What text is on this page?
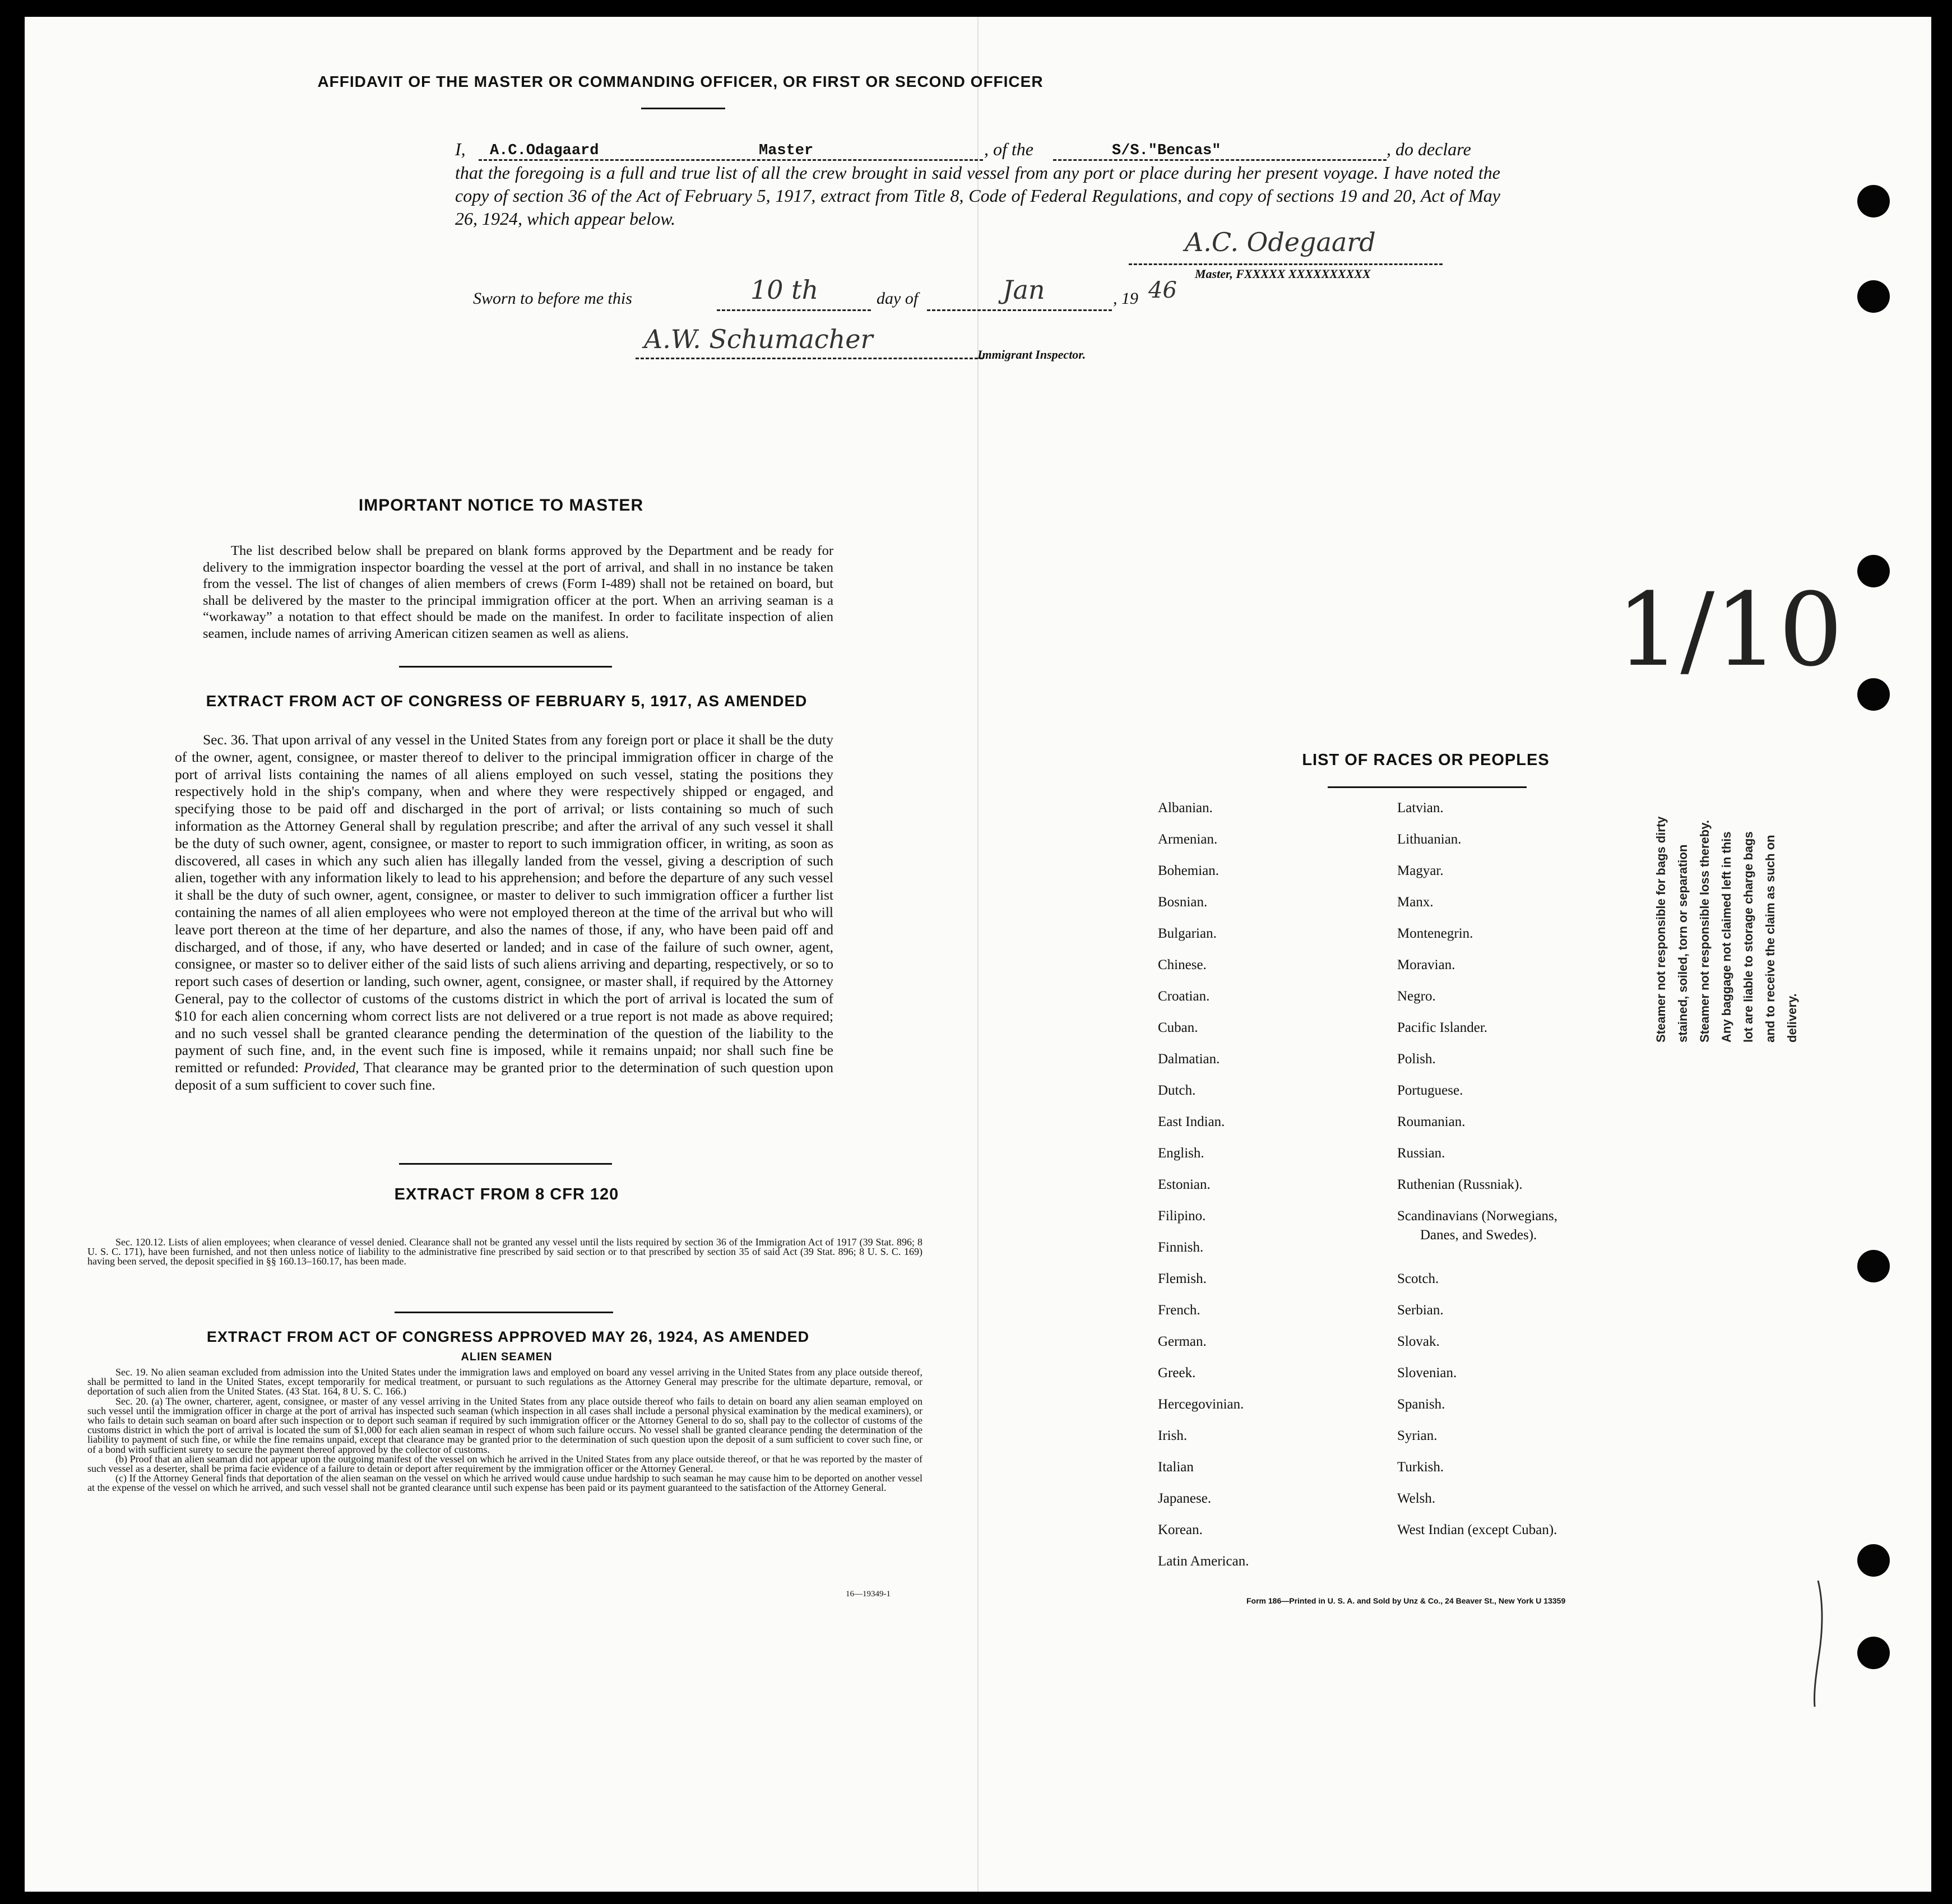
AFFIDAVIT OF THE MASTER OR COMMANDING OFFICER, OR FIRST OR SECOND OFFICER
I, A.C.Odagaard	Master	, of the	S/S."Bencas"	, do declare

that the foregoing is a full and true list of all the crew brought in said vessel from any port or place during her present voyage. I have noted the copy of section 36 of the Act of February 5, 1917, extract from Title 8, Code of Federal Regulations, and copy of sections 19 and 20, Act of May 26, 1924, which appear below.

A.C. Odegaard
Master, FXXXXX XXXXXXXXXX
Sworn to before me this	10 th	day of	Jan	, 19 46
A.W. Schumacher
Immigrant Inspector.
1/10
IMPORTANT NOTICE TO MASTER

The list described below shall be prepared on blank forms approved by the Department and be ready for delivery to the immigration inspector boarding the vessel at the port of arrival, and shall in no instance be taken from the vessel. The list of changes of alien members of crews (Form I-489) shall not be retained on board, but shall be delivered by the master to the principal immigration officer at the port. When an arriving seaman is a “workaway” a notation to that effect should be made on the manifest. In order to facilitate inspection of alien seamen, include names of arriving American citizen seamen as well as aliens.

EXTRACT FROM ACT OF CONGRESS OF FEBRUARY 5, 1917, AS AMENDED

Sec. 36. That upon arrival of any vessel in the United States from any foreign port or place it shall be the duty of the owner, agent, consignee, or master thereof to deliver to the principal immigration officer in charge of the port of arrival lists containing the names of all aliens employed on such vessel, stating the positions they respectively hold in the ship's company, when and where they were respectively shipped or engaged, and specifying those to be paid off and discharged in the port of arrival; or lists containing so much of such information as the Attorney General shall by regulation prescribe; and after the arrival of any such vessel it shall be the duty of such owner, agent, consignee, or master to report to such immigration officer, in writing, as soon as discovered, all cases in which any such alien has illegally landed from the vessel, giving a description of such alien, together with any information likely to lead to his apprehension; and before the departure of any such vessel it shall be the duty of such owner, agent, consignee, or master to deliver to such immigration officer a further list containing the names of all alien employees who were not employed thereon at the time of the arrival but who will leave port thereon at the time of her departure, and also the names of those, if any, who have been paid off and discharged, and of those, if any, who have deserted or landed; and in case of the failure of such owner, agent, consignee, or master so to deliver either of the said lists of such aliens arriving and departing, respectively, or so to report such cases of desertion or landing, such owner, agent, consignee, or master shall, if required by the Attorney General, pay to the collector of customs of the customs district in which the port of arrival is located the sum of $10 for each alien concerning whom correct lists are not delivered or a true report is not made as above required; and no such vessel shall be granted clearance pending the determination of the question of the liability to the payment of such fine, and, in the event such fine is imposed, while it remains unpaid; nor shall such fine be remitted or refunded: Provided, That clearance may be granted prior to the determination of such question upon deposit of a sum sufficient to cover such fine.

EXTRACT FROM 8 CFR 120

Sec. 120.12. Lists of alien employees; when clearance of vessel denied. Clearance shall not be granted any vessel until the lists required by section 36 of the Immigration Act of 1917 (39 Stat. 896; 8 U. S. C. 171), have been furnished, and not then unless notice of liability to the administrative fine prescribed by said section or to that prescribed by section 35 of said Act (39 Stat. 896; 8 U. S. C. 169) having been served, the deposit specified in §§ 160.13–160.17, has been made.

EXTRACT FROM ACT OF CONGRESS APPROVED MAY 26, 1924, AS AMENDED
ALIEN SEAMEN

Sec. 19. No alien seaman excluded from admission into the United States under the immigration laws and employed on board any vessel arriving in the United States from any place outside thereof, shall be permitted to land in the United States, except temporarily for medical treatment, or pursuant to such regulations as the Attorney General may prescribe for the ultimate departure, removal, or deportation of such alien from the United States. (43 Stat. 164, 8 U. S. C. 166.)

Sec. 20. (a) The owner, charterer, agent, consignee, or master of any vessel arriving in the United States from any place outside thereof who fails to detain on board any alien seaman employed on such vessel until the immigration officer in charge at the port of arrival has inspected such seaman (which inspection in all cases shall include a personal physical examination by the medical examiners), or who fails to detain such seaman on board after such inspection or to deport such seaman if required by such immigration officer or the Attorney General to do so, shall pay to the collector of customs of the customs district in which the port of arrival is located the sum of $1,000 for each alien seaman in respect of whom such failure occurs. No vessel shall be granted clearance pending the determination of the liability to payment of such fine, or while the fine remains unpaid, except that clearance may be granted prior to the determination of such question upon the deposit of a sum sufficient to cover such fine, or of a bond with sufficient surety to secure the payment thereof approved by the collector of customs.

(b) Proof that an alien seaman did not appear upon the outgoing manifest of the vessel on which he arrived in the United States from any place outside thereof, or that he was reported by the master of such vessel as a deserter, shall be prima facie evidence of a failure to detain or deport after requirement by the immigration officer or the Attorney General.

(c) If the Attorney General finds that deportation of the alien seaman on the vessel on which he arrived would cause undue hardship to such seaman he may cause him to be deported on another vessel at the expense of the vessel on which he arrived, and such vessel shall not be granted clearance until such expense has been paid or its payment guaranteed to the satisfaction of the Attorney General.

16—19349-1
LIST OF RACES OR PEOPLES
Albanian.
Armenian.
Bohemian.
Bosnian.
Bulgarian.
Chinese.
Croatian.
Cuban.
Dalmatian.
Dutch.
East Indian.
English.
Estonian.
Filipino.
Finnish.
Flemish.
French.
German.
Greek.
Hercegovinian.
Irish.
Italian
Japanese.
Korean.
Latin American.
Latvian.
Lithuanian.
Magyar.
Manx.
Montenegrin.
Moravian.
Negro.
Pacific Islander.
Polish.
Portuguese.
Roumanian.
Russian.
Ruthenian (Russniak).
Scandinavians (Norwegians,
Danes, and Swedes).
Scotch.
Serbian.
Slovak.
Slovenian.
Spanish.
Syrian.
Turkish.
Welsh.
West Indian (except Cuban).
Form 186—Printed in U. S. A. and Sold by Unz & Co., 24 Beaver St., New York U 13359
Steamer not responsible for bags dirty stained, soiled, torn or separation Steamer not responsible loss thereby. Any baggage not claimed left in this lot are liable to storage charge bags and to receive the claim as such on delivery.
